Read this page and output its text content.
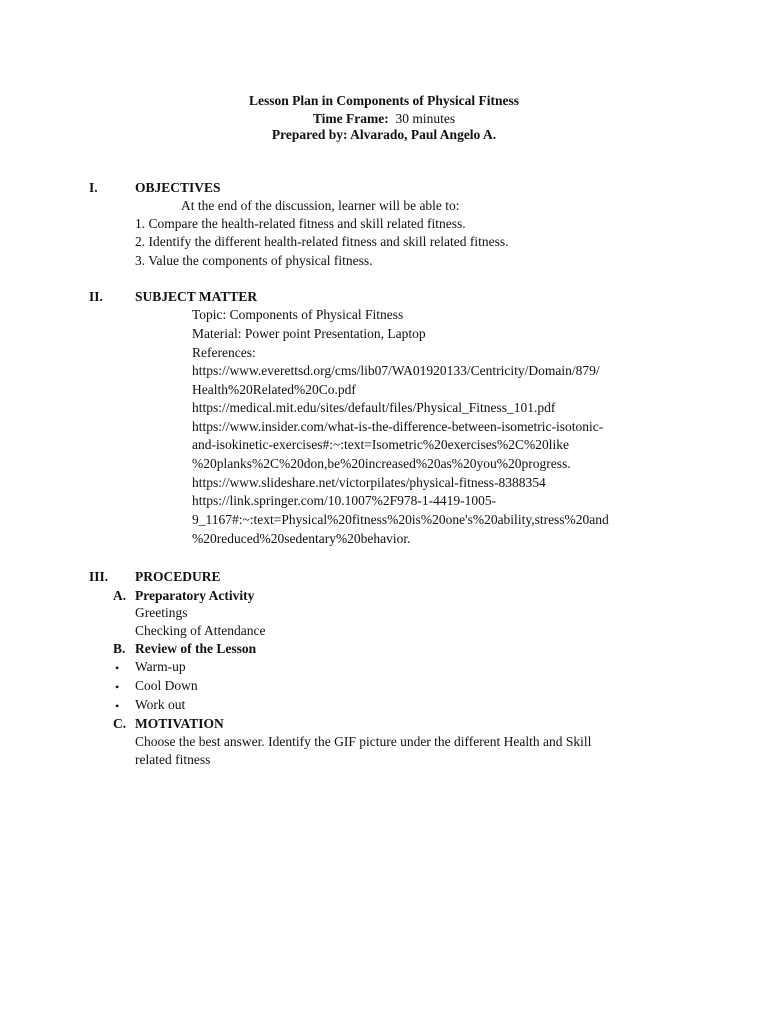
Lesson Plan in Components of Physical Fitness
Time Frame: 30 minutes
Prepared by: Alvarado, Paul Angelo A.
I.	OBJECTIVES
At the end of the discussion, learner will be able to:
1. Compare the health-related fitness and skill related fitness.
2. Identify the different health-related fitness and skill related fitness.
3. Value the components of physical fitness.
II. SUBJECT MATTER
Topic: Components of Physical Fitness
Material: Power point Presentation, Laptop
References:
https://www.everettsd.org/cms/lib07/WA01920133/Centricity/Domain/879/
Health%20Related%20Co.pdf
https://medical.mit.edu/sites/default/files/Physical_Fitness_101.pdf
https://www.insider.com/what-is-the-difference-between-isometric-isotonic-
and-isokinetic-exercises#:~:text=Isometric%20exercises%2C%20like
%20planks%2C%20don,be%20increased%20as%20you%20progress.
https://www.slideshare.net/victorpilates/physical-fitness-8388354
https://link.springer.com/10.1007%2F978-1-4419-1005-
9_1167#:~:text=Physical%20fitness%20is%20one's%20ability,stress%20and
%20reduced%20sedentary%20behavior.
III. PROCEDURE
A. Preparatory Activity
Greetings
Checking of Attendance
B. Review of the Lesson
• Warm-up
• Cool Down
• Work out
C. MOTIVATION
Choose the best answer. Identify the GIF picture under the different Health and Skill
related fitness
